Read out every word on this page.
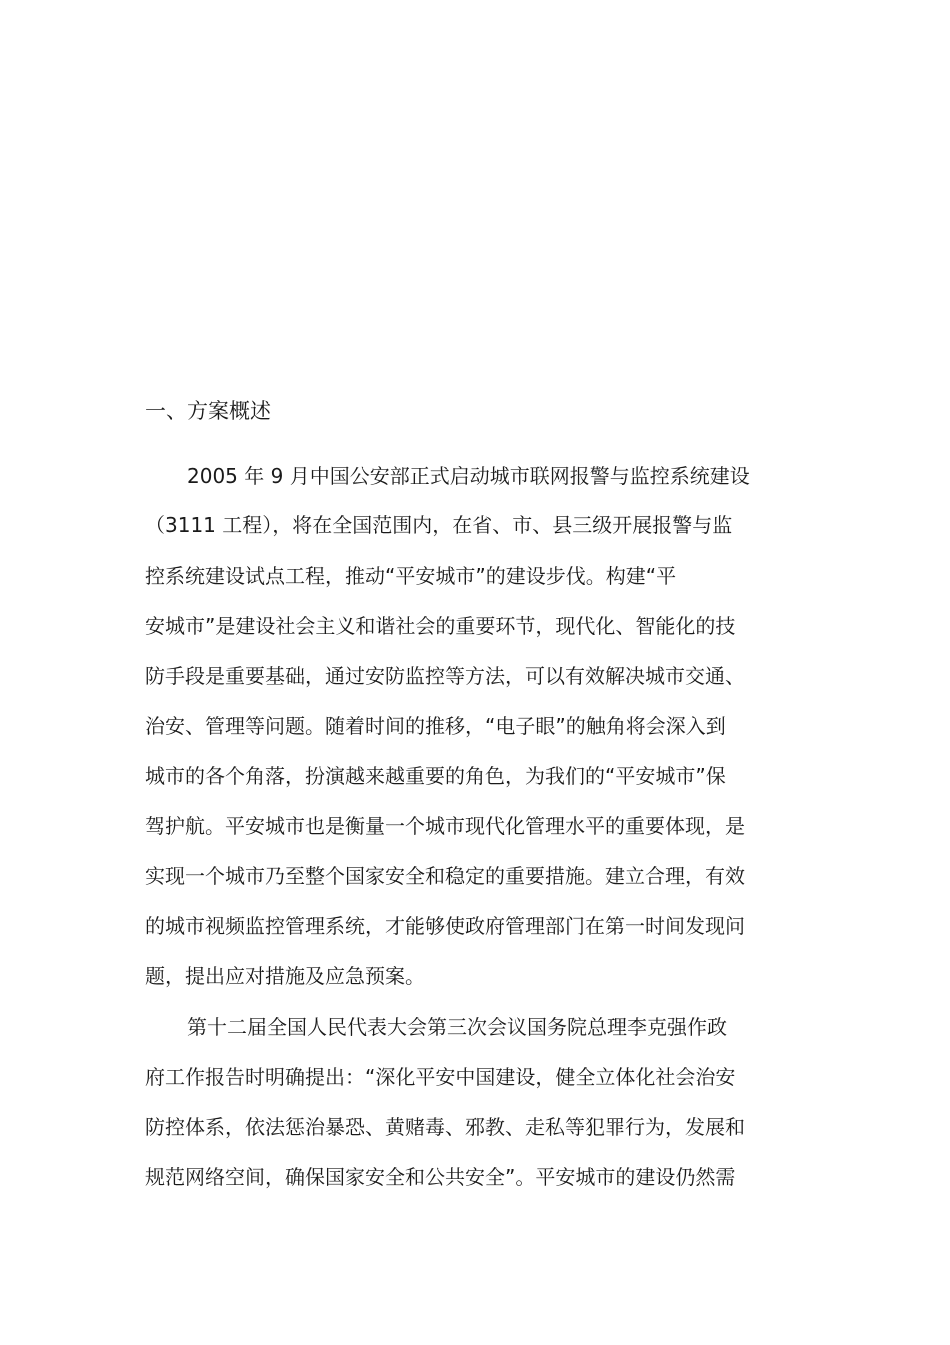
一、方案概述
2005 年 9 月中国公安部正式启动城市联网报警与监控系统建设
（3111 工程），将在全国范围内，在省、市、县三级开展报警与监
控系统建设试点工程，推动“平安城市”的建设步伐。构建“平
安城市”是建设社会主义和谐社会的重要环节，现代化、智能化的技
防手段是重要基础，通过安防监控等方法，可以有效解决城市交通、
治安、管理等问题。随着时间的推移，“电子眼”的触角将会深入到
城市的各个角落，扮演越来越重要的角色，为我们的“平安城市”保
驾护航。平安城市也是衡量一个城市现代化管理水平的重要体现，是
实现一个城市乃至整个国家安全和稳定的重要措施。建立合理，有效
的城市视频监控管理系统，才能够使政府管理部门在第一时间发现问
题，提出应对措施及应急预案。
第十二届全国人民代表大会第三次会议国务院总理李克强作政
府工作报告时明确提出：“深化平安中国建设，健全立体化社会治安
防控体系，依法惩治暴恐、黄赌毒、邪教、走私等犯罪行为，发展和
规范网络空间，确保国家安全和公共安全”。平安城市的建设仍然需
